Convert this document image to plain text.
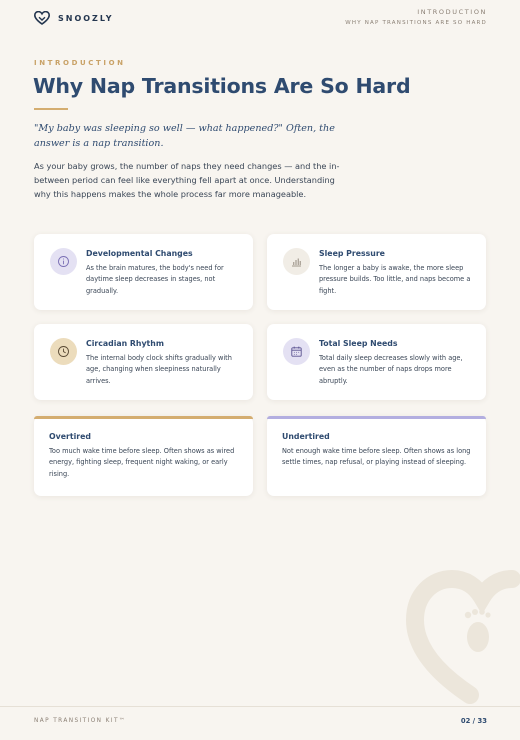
SNOOZLY
INTRODUCTION
WHY NAP TRANSITIONS ARE SO HARD
INTRODUCTION
Why Nap Transitions Are So Hard
"My baby was sleeping so well — what happened?" Often, the answer is a nap transition.
As your baby grows, the number of naps they need changes — and the in-between period can feel like everything fell apart at once. Understanding why this happens makes the whole process far more manageable.
Developmental Changes
As the brain matures, the body's need for daytime sleep decreases in stages, not gradually.
Sleep Pressure
The longer a baby is awake, the more sleep pressure builds. Too little, and naps become a fight.
Circadian Rhythm
The internal body clock shifts gradually with age, changing when sleepiness naturally arrives.
Total Sleep Needs
Total daily sleep decreases slowly with age, even as the number of naps drops more abruptly.
Overtired
Too much wake time before sleep. Often shows as wired energy, fighting sleep, frequent night waking, or early rising.
Undertired
Not enough wake time before sleep. Often shows as long settle times, nap refusal, or playing instead of sleeping.
NAP TRANSITION KIT™	02 / 33
